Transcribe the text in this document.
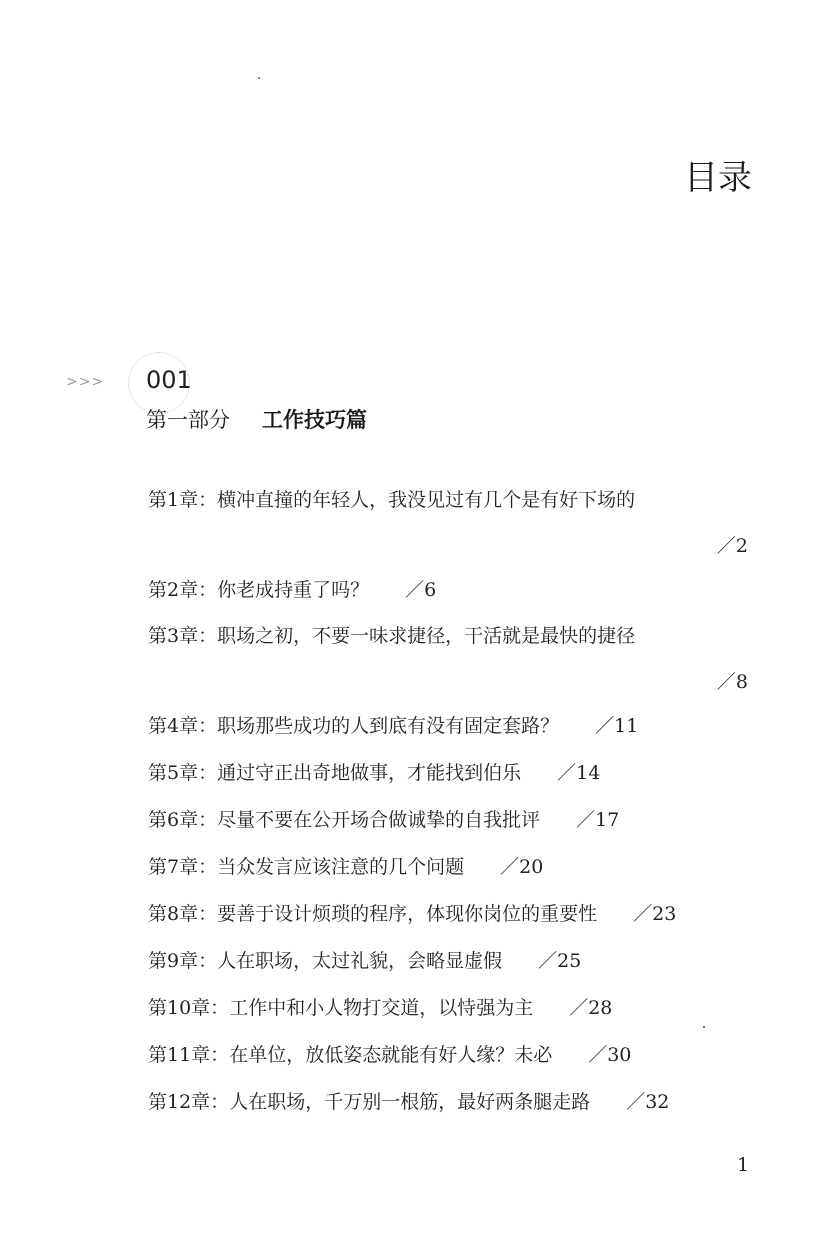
目录
>>> 001
第一部分 工作技巧篇
第1章：横冲直撞的年轻人，我没见过有几个是有好下场的
／2
第2章：你老成持重了吗？ ／6
第3章：职场之初，不要一味求捷径，干活就是最快的捷径
／8
第4章：职场那些成功的人到底有没有固定套路？ ／11
第5章：通过守正出奇地做事，才能找到伯乐 ／14
第6章：尽量不要在公开场合做诚挚的自我批评 ／17
第7章：当众发言应该注意的几个问题 ／20
第8章：要善于设计烦琐的程序，体现你岗位的重要性 ／23
第9章：人在职场，太过礼貌，会略显虚假 ／25
第10章：工作中和小人物打交道，以恃强为主 ／28
第11章：在单位，放低姿态就能有好人缘？未必 ／30
第12章：人在职场，千万别一根筋，最好两条腿走路 ／32
1
